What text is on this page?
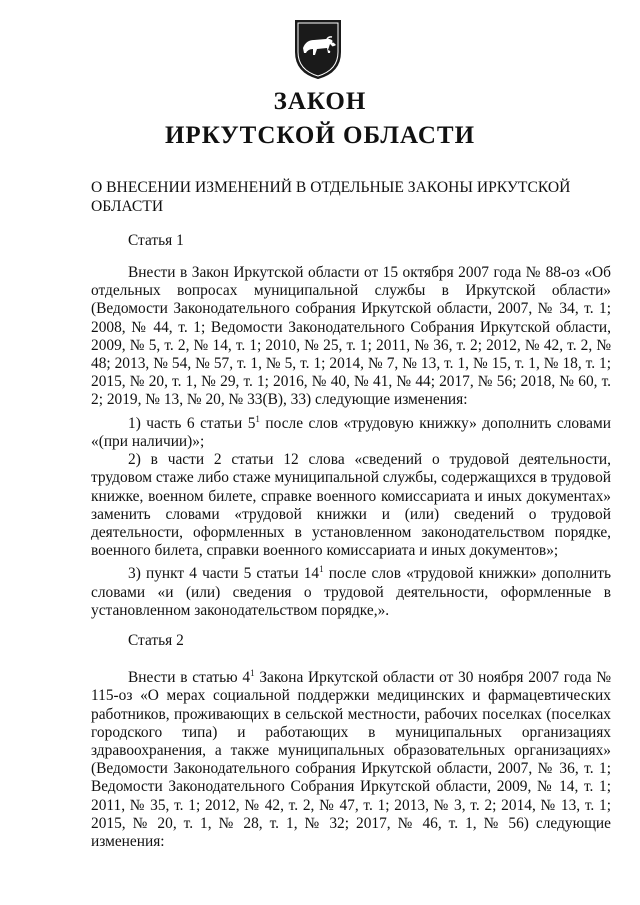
ЗАКОН
ИРКУТСКОЙ ОБЛАСТИ
О ВНЕСЕНИИ ИЗМЕНЕНИЙ В ОТДЕЛЬНЫЕ ЗАКОНЫ ИРКУТСКОЙ ОБЛАСТИ
Статья 1

Внести в Закон Иркутской области от 15 октября 2007 года № 88-оз «Об отдельных вопросах муниципальной службы в Иркутской области» (Ведомости Законодательного собрания Иркутской области, 2007, № 34, т. 1; 2008, № 44, т. 1; Ведомости Законодательного Собрания Иркутской области, 2009, № 5, т. 2, № 14, т. 1; 2010, № 25, т. 1; 2011, № 36, т. 2; 2012, № 42, т. 2, № 48; 2013, № 54, № 57, т. 1, № 5, т. 1; 2014, № 7, № 13, т. 1, № 15, т. 1, № 18, т. 1; 2015, № 20, т. 1, № 29, т. 1; 2016, № 40, № 41, № 44; 2017, № 56; 2018, № 60, т. 2; 2019, № 13, № 20, № 33(В), 33) следующие изменения:

1) часть 6 статьи $5^1$ после слов «трудовую книжку» дополнить словами «(при наличии)»;

2) в части 2 статьи 12 слова «сведений о трудовой деятельности, трудовом стаже либо стаже муниципальной службы, содержащихся в трудовой книжке, военном билете, справке военного комиссариата и иных документах» заменить словами «трудовой книжки и (или) сведений о трудовой деятельности, оформленных в установленном законодательством порядке, военного билета, справки военного комиссариата и иных документов»;

3) пункт 4 части 5 статьи $14^1$ после слов «трудовой книжки» дополнить словами «и (или) сведения о трудовой деятельности, оформленные в установленном законодательством порядке,».

Статья 2

Внести в статью $4^1$ Закона Иркутской области от 30 ноября 2007 года № 115-оз «О мерах социальной поддержки медицинских и фармацевтических работников, проживающих в сельской местности, рабочих поселках (поселках городского типа) и работающих в муниципальных организациях здравоохранения, а также муниципальных образовательных организациях» (Ведомости Законодательного собрания Иркутской области, 2007, № 36, т. 1; Ведомости Законодательного Собрания Иркутской области, 2009, № 14, т. 1; 2011, № 35, т. 1; 2012, № 42, т. 2, № 47, т. 1; 2013, № 3, т. 2; 2014, № 13, т. 1; 2015, № 20, т. 1, № 28, т. 1, № 32; 2017, № 46, т. 1, № 56) следующие изменения:
